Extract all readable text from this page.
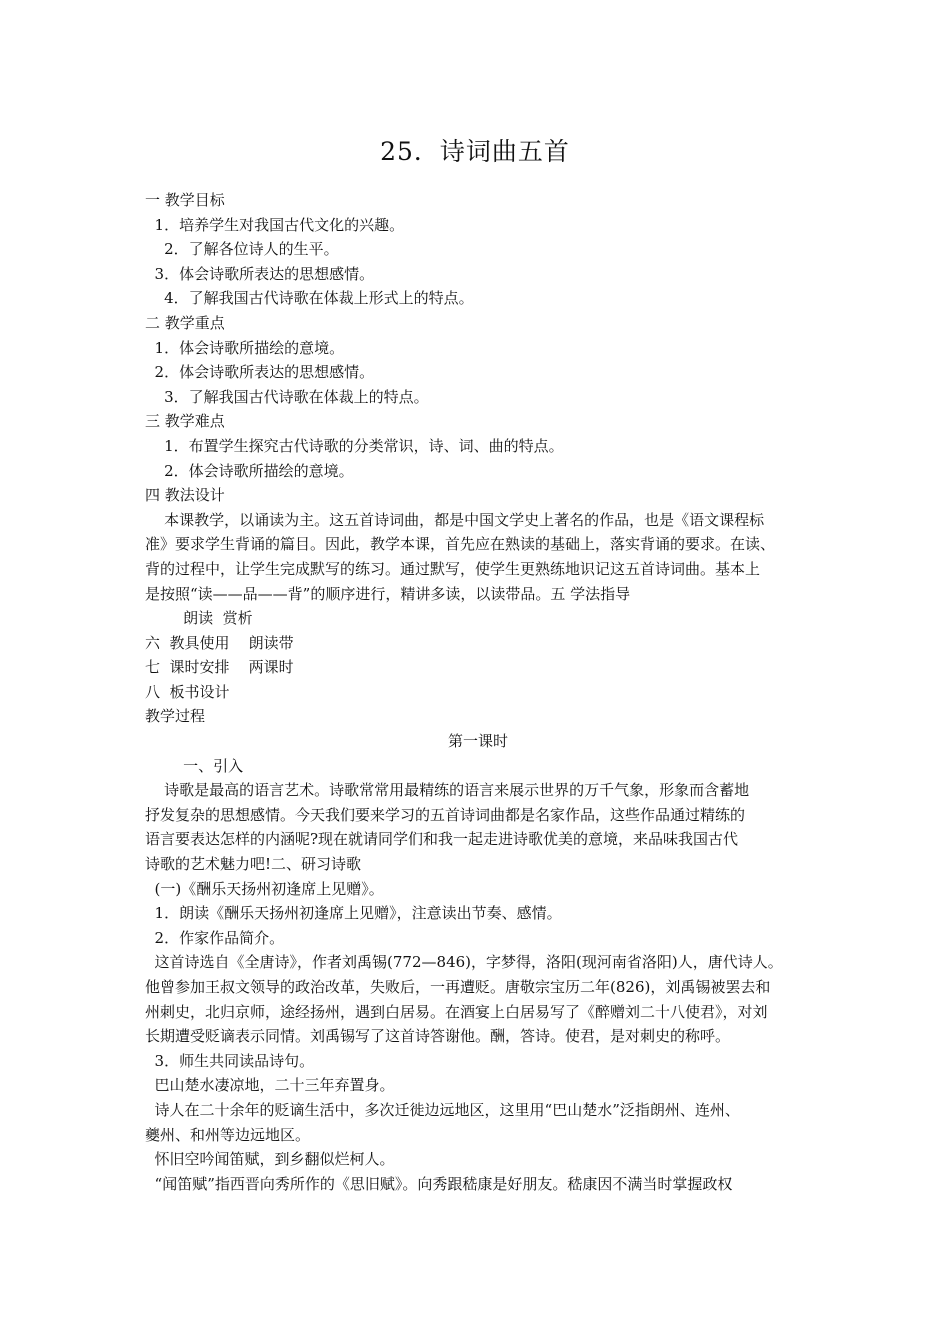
25．诗词曲五首
一 教学目标
1．培养学生对我国古代文化的兴趣。
2．了解各位诗人的生平。
3．体会诗歌所表达的思想感情。
4．了解我国古代诗歌在体裁上形式上的特点。
二 教学重点
1．体会诗歌所描绘的意境。
2．体会诗歌所表达的思想感情。
3．了解我国古代诗歌在体裁上的特点。
三 教学难点
1．布置学生探究古代诗歌的分类常识，诗、词、曲的特点。
2．体会诗歌所描绘的意境。
四 教法设计
本课教学，以诵读为主。这五首诗词曲，都是中国文学史上著名的作品，也是《语文课程标
准》要求学生背诵的篇目。因此，教学本课，首先应在熟读的基础上，落实背诵的要求。在读、
背的过程中，让学生完成默写的练习。通过默写，使学生更熟练地识记这五首诗词曲。基本上
是按照“读——品——背”的顺序进行，精讲多读，以读带品。五 学法指导
朗读  赏析
六  教具使用    朗读带
七  课时安排    两课时
八  板书设计
教学过程
第一课时
一、引入
诗歌是最高的语言艺术。诗歌常常用最精练的语言来展示世界的万千气象，形象而含蓄地
抒发复杂的思想感情。今天我们要来学习的五首诗词曲都是名家作品，这些作品通过精练的
语言要表达怎样的内涵呢?现在就请同学们和我一起走进诗歌优美的意境，来品味我国古代
诗歌的艺术魅力吧!二、研习诗歌
(一)《酬乐天扬州初逢席上见赠》。
1．朗读《酬乐天扬州初逢席上见赠》，注意读出节奏、感情。
2．作家作品简介。
这首诗选自《全唐诗》，作者刘禹锡(772—846)，字梦得，洛阳(现河南省洛阳)人，唐代诗人。
他曾参加王叔文领导的政治改革，失败后，一再遭贬。唐敬宗宝历二年(826)，刘禹锡被罢去和
州刺史，北归京师，途经扬州，遇到白居易。在酒宴上白居易写了《醉赠刘二十八使君》，对刘
长期遭受贬谪表示同情。刘禹锡写了这首诗答谢他。酬，答诗。使君，是对刺史的称呼。
3．师生共同读品诗句。
巴山楚水凄凉地，二十三年弃置身。
诗人在二十余年的贬谪生活中，多次迁徙边远地区，这里用“巴山楚水”泛指朗州、连州、
夔州、和州等边远地区。
怀旧空吟闻笛赋，到乡翻似烂柯人。
“闻笛赋”指西晋向秀所作的《思旧赋》。向秀跟嵇康是好朋友。嵇康因不满当时掌握政权
